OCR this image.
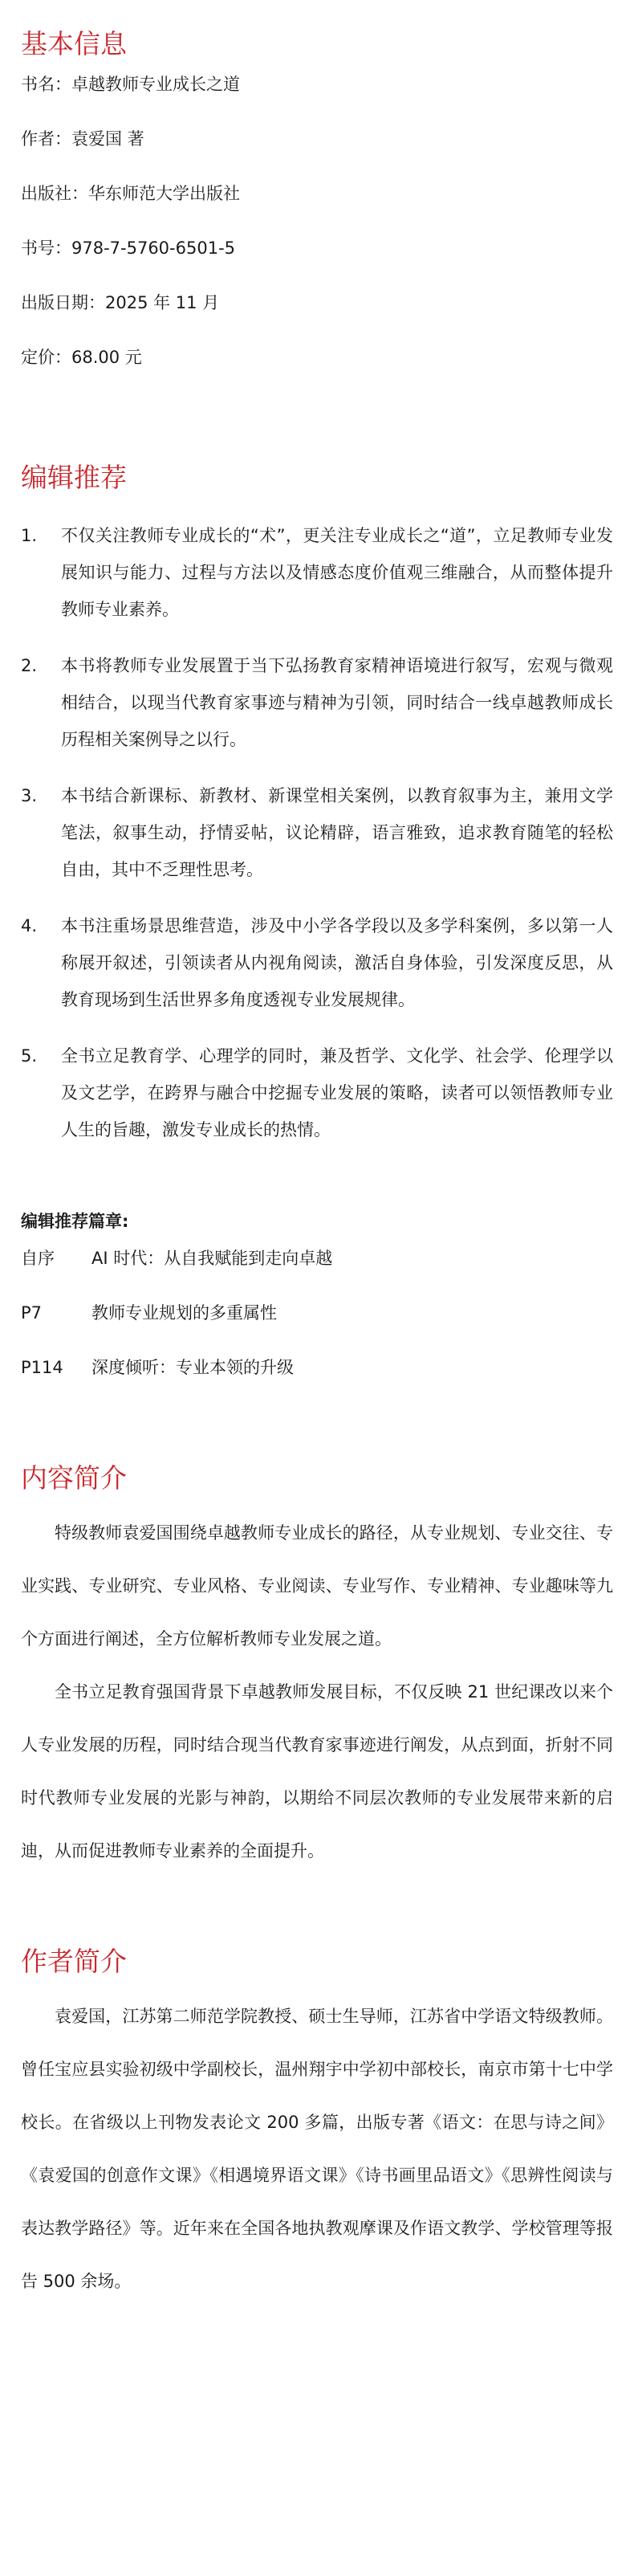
基本信息
书名：卓越教师专业成长之道
作者：袁爱国 著
出版社：华东师范大学出版社
书号：978-7-5760-6501-5
出版日期：2025 年 11 月
定价：68.00 元
编辑推荐
1. 不仅关注教师专业成长的“术”，更关注专业成长之“道”，立足教师专业发展知识与能力、过程与方法以及情感态度价值观三维融合，从而整体提升教师专业素养。
2. 本书将教师专业发展置于当下弘扬教育家精神语境进行叙写，宏观与微观相结合，以现当代教育家事迹与精神为引领，同时结合一线卓越教师成长历程相关案例导之以行。
3. 本书结合新课标、新教材、新课堂相关案例，以教育叙事为主，兼用文学笔法，叙事生动，抒情妥帖，议论精辟，语言雅致，追求教育随笔的轻松自由，其中不乏理性思考。
4. 本书注重场景思维营造，涉及中小学各学段以及多学科案例，多以第一人称展开叙述，引领读者从内视角阅读，激活自身体验，引发深度反思，从教育现场到生活世界多角度透视专业发展规律。
5. 全书立足教育学、心理学的同时，兼及哲学、文化学、社会学、伦理学以及文艺学，在跨界与融合中挖掘专业发展的策略，读者可以领悟教师专业人生的旨趣，激发专业成长的热情。
编辑推荐篇章:
自序	AI 时代：从自我赋能到走向卓越
P7	教师专业规划的多重属性
P114	深度倾听：专业本领的升级
内容简介

特级教师袁爱国围绕卓越教师专业成长的路径，从专业规划、专业交往、专业实践、专业研究、专业风格、专业阅读、专业写作、专业精神、专业趣味等九个方面进行阐述，全方位解析教师专业发展之道。

全书立足教育强国背景下卓越教师发展目标，不仅反映 21 世纪课改以来个人专业发展的历程，同时结合现当代教育家事迹进行阐发，从点到面，折射不同时代教师专业发展的光影与神韵，以期给不同层次教师的专业发展带来新的启迪，从而促进教师专业素养的全面提升。

作者简介

袁爱国，江苏第二师范学院教授、硕士生导师，江苏省中学语文特级教师。曾任宝应县实验初级中学副校长，温州翔宇中学初中部校长，南京市第十七中学校长。在省级以上刊物发表论文 200 多篇，出版专著《语文：在思与诗之间》《袁爱国的创意作文课》《相遇境界语文课》《诗书画里品语文》《思辨性阅读与表达教学路径》等。近年来在全国各地执教观摩课及作语文教学、学校管理等报告 500 余场。
